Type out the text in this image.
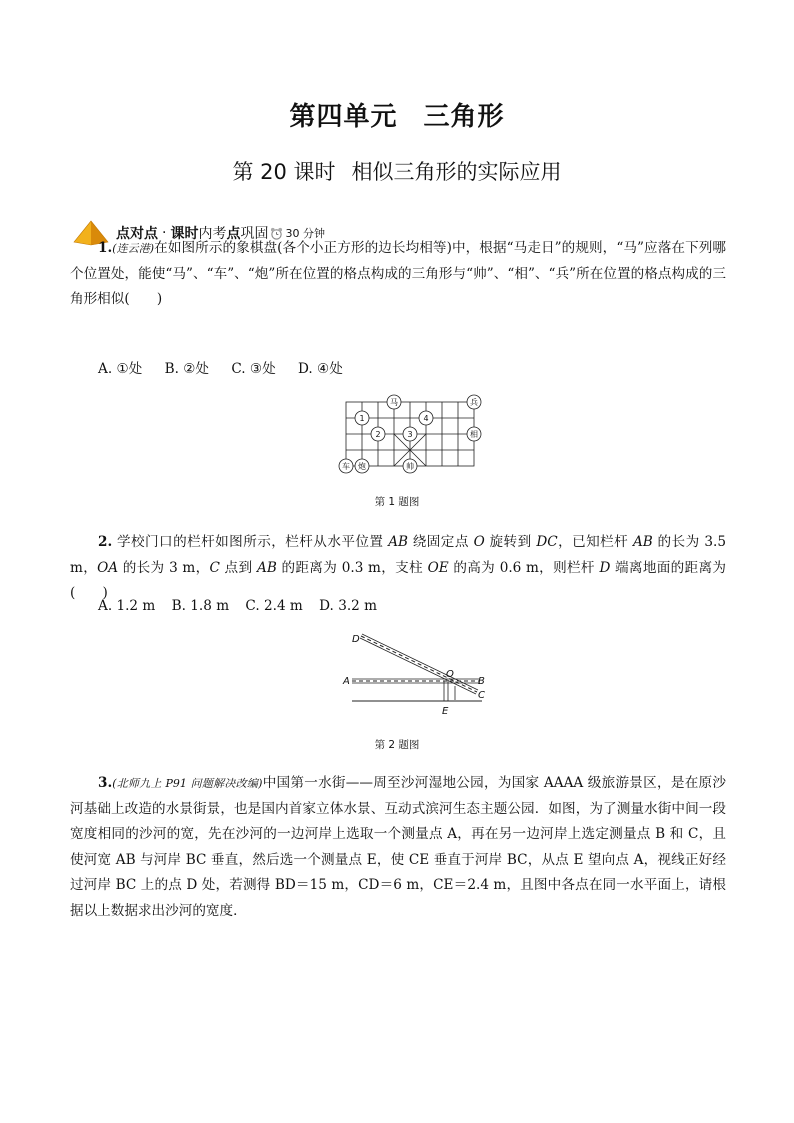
第四单元 三角形
第 20 课时 相似三角形的实际应用
点对点 · 课时 内考 点 巩固 30 分钟
1.(连云港)在如图所示的象棋盘(各个小正方形的边长均相等)中，根据“马走日”的规则，“马”应落在下列哪个位置处，能使“马”、“车”、“炮”所在位置的格点构成的三角形与“帅”、“相”、“兵”所在位置的格点构成的三角形相似(　　)
A. ①处 B. ②处 C. ③处 D. ④处
马	兵
相
车 炮	帅
1
2	3
4
第 1 题图
2. 学校门口的栏杆如图所示，栏杆从水平位置 AB 绕固定点 O 旋转到 DC，已知栏杆 AB 的长为 3.5 m，OA 的长为 3 m，C 点到 AB 的距离为 0.3 m，支柱 OE 的高为 0.6 m，则栏杆 D 端离地面的距离为(　　)
A. 1.2 m B. 1.8 m C. 2.4 m D. 3.2 m
D
A
O
B
C
E
第 2 题图
3.(北师九上 P91 问题解决改编)中国第一水街——周至沙河湿地公园，为国家 AAAA 级旅游景区，是在原沙河基础上改造的水景街景，也是国内首家立体水景、互动式滨河生态主题公园．如图，为了测量水街中间一段宽度相同的沙河的宽，先在沙河的一边河岸上选取一个测量点 A，再在另一边河岸上选定测量点 B 和 C，且使河宽 AB 与河岸 BC 垂直，然后选一个测量点 E，使 CE 垂直于河岸 BC，从点 E 望向点 A，视线正好经过河岸 BC 上的点 D 处，若测得 BD＝15 m，CD＝6 m，CE＝2.4 m，且图中各点在同一水平面上，请根据以上数据求出沙河的宽度．
